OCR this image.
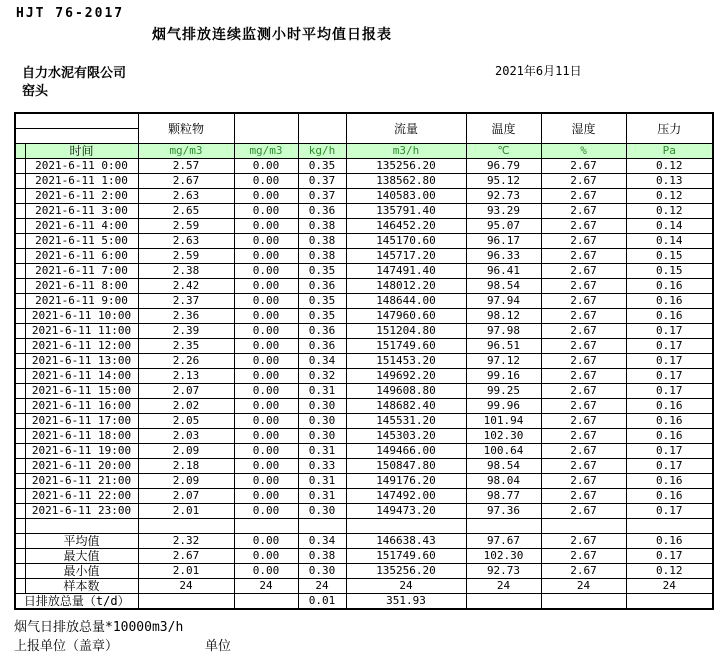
HJT 76-2017
烟气排放连续监测小时平均值日报表
自力水泥有限公司
窑头
2021年6月11日
		颗粒物			流量	温度	湿度	压力

	时间	mg/m3	mg/m3	kg/h	m3/h	℃	%	Pa
	2021-6-11 0:00	2.57	0.00	0.35	135256.20	96.79	2.67	0.12
	2021-6-11 1:00	2.67	0.00	0.37	138562.80	95.12	2.67	0.13
	2021-6-11 2:00	2.63	0.00	0.37	140583.00	92.73	2.67	0.12
	2021-6-11 3:00	2.65	0.00	0.36	135791.40	93.29	2.67	0.12
	2021-6-11 4:00	2.59	0.00	0.38	146452.20	95.07	2.67	0.14
	2021-6-11 5:00	2.63	0.00	0.38	145170.60	96.17	2.67	0.14
	2021-6-11 6:00	2.59	0.00	0.38	145717.20	96.33	2.67	0.15
	2021-6-11 7:00	2.38	0.00	0.35	147491.40	96.41	2.67	0.15
	2021-6-11 8:00	2.42	0.00	0.36	148012.20	98.54	2.67	0.16
	2021-6-11 9:00	2.37	0.00	0.35	148644.00	97.94	2.67	0.16
	2021-6-11 10:00	2.36	0.00	0.35	147960.60	98.12	2.67	0.16
	2021-6-11 11:00	2.39	0.00	0.36	151204.80	97.98	2.67	0.17
	2021-6-11 12:00	2.35	0.00	0.36	151749.60	96.51	2.67	0.17
	2021-6-11 13:00	2.26	0.00	0.34	151453.20	97.12	2.67	0.17
	2021-6-11 14:00	2.13	0.00	0.32	149692.20	99.16	2.67	0.17
	2021-6-11 15:00	2.07	0.00	0.31	149608.80	99.25	2.67	0.17
	2021-6-11 16:00	2.02	0.00	0.30	148682.40	99.96	2.67	0.16
	2021-6-11 17:00	2.05	0.00	0.30	145531.20	101.94	2.67	0.16
	2021-6-11 18:00	2.03	0.00	0.30	145303.20	102.30	2.67	0.16
	2021-6-11 19:00	2.09	0.00	0.31	149466.00	100.64	2.67	0.17
	2021-6-11 20:00	2.18	0.00	0.33	150847.80	98.54	2.67	0.17
	2021-6-11 21:00	2.09	0.00	0.31	149176.20	98.04	2.67	0.16
	2021-6-11 22:00	2.07	0.00	0.31	147492.00	98.77	2.67	0.16
	2021-6-11 23:00	2.01	0.00	0.30	149473.20	97.36	2.67	0.17

	平均值	2.32	0.00	0.34	146638.43	97.67	2.67	0.16
	最大值	2.67	0.00	0.38	151749.60	102.30	2.67	0.17
	最小值	2.01	0.00	0.30	135256.20	92.73	2.67	0.12
	样本数	24	24	24	24	24	24	24
日排放总量（t/d）				0.01	351.93			
烟气日排放总量*10000m3/h
上报单位（盖章）	单位
